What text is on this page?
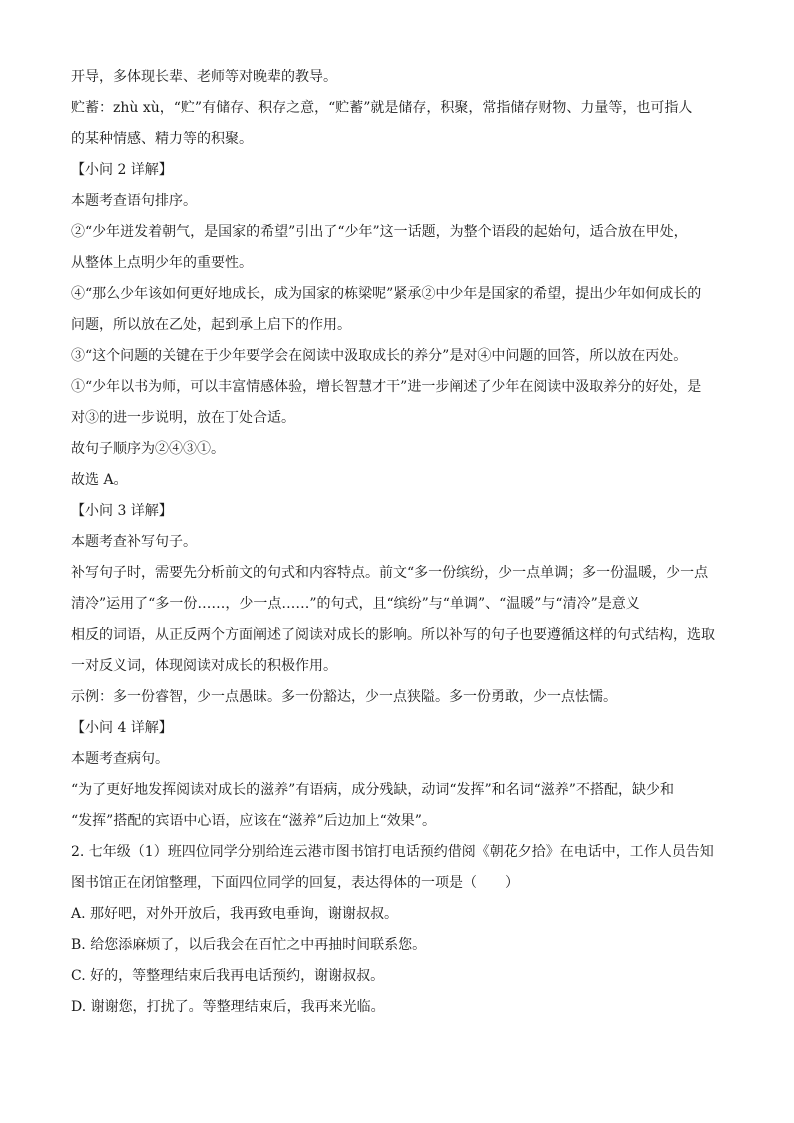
开导，多体现长辈、老师等对晚辈的教导。

贮蓄：zhù xù，“贮”有储存、积存之意，“贮蓄”就是储存，积聚，常指储存财物、力量等，也可指人

的某种情感、精力等的积聚。

【小问 2 详解】

本题考查语句排序。

②“少年迸发着朝气，是国家的希望”引出了“少年”这一话题，为整个语段的起始句，适合放在甲处，

从整体上点明少年的重要性。

④“那么少年该如何更好地成长，成为国家的栋梁呢”紧承②中少年是国家的希望，提出少年如何成长的

问题，所以放在乙处，起到承上启下的作用。

③“这个问题的关键在于少年要学会在阅读中汲取成长的养分”是对④中问题的回答，所以放在丙处。

①“少年以书为师，可以丰富情感体验，增长智慧才干”进一步阐述了少年在阅读中汲取养分的好处，是

对③的进一步说明，放在丁处合适。

故句子顺序为②④③①。

故选 A。

【小问 3 详解】

本题考查补写句子。

补写句子时，需要先分析前文的句式和内容特点。前文“多一份缤纷，少一点单调；多一份温暖，少一点

清冷”运用了“多一份……，少一点……”的句式，且“缤纷”与“单调”、“温暖”与“清冷”是意义

相反的词语，从正反两个方面阐述了阅读对成长的影响。所以补写的句子也要遵循这样的句式结构，选取

一对反义词，体现阅读对成长的积极作用。

示例：多一份睿智，少一点愚昧。多一份豁达，少一点狭隘。多一份勇敢，少一点怯懦。

【小问 4 详解】

本题考查病句。

“为了更好地发挥阅读对成长的滋养”有语病，成分残缺，动词“发挥”和名词“滋养”不搭配，缺少和

“发挥”搭配的宾语中心语，应该在“滋养”后边加上“效果”。

2. 七年级（1）班四位同学分别给连云港市图书馆打电话预约借阅《朝花夕拾》在电话中，工作人员告知

图书馆正在闭馆整理，下面四位同学的回复，表达得体的一项是（　　）

A. 那好吧，对外开放后，我再致电垂询，谢谢叔叔。

B. 给您添麻烦了，以后我会在百忙之中再抽时间联系您。

C. 好的，等整理结束后我再电话预约，谢谢叔叔。

D. 谢谢您，打扰了。等整理结束后，我再来光临。
